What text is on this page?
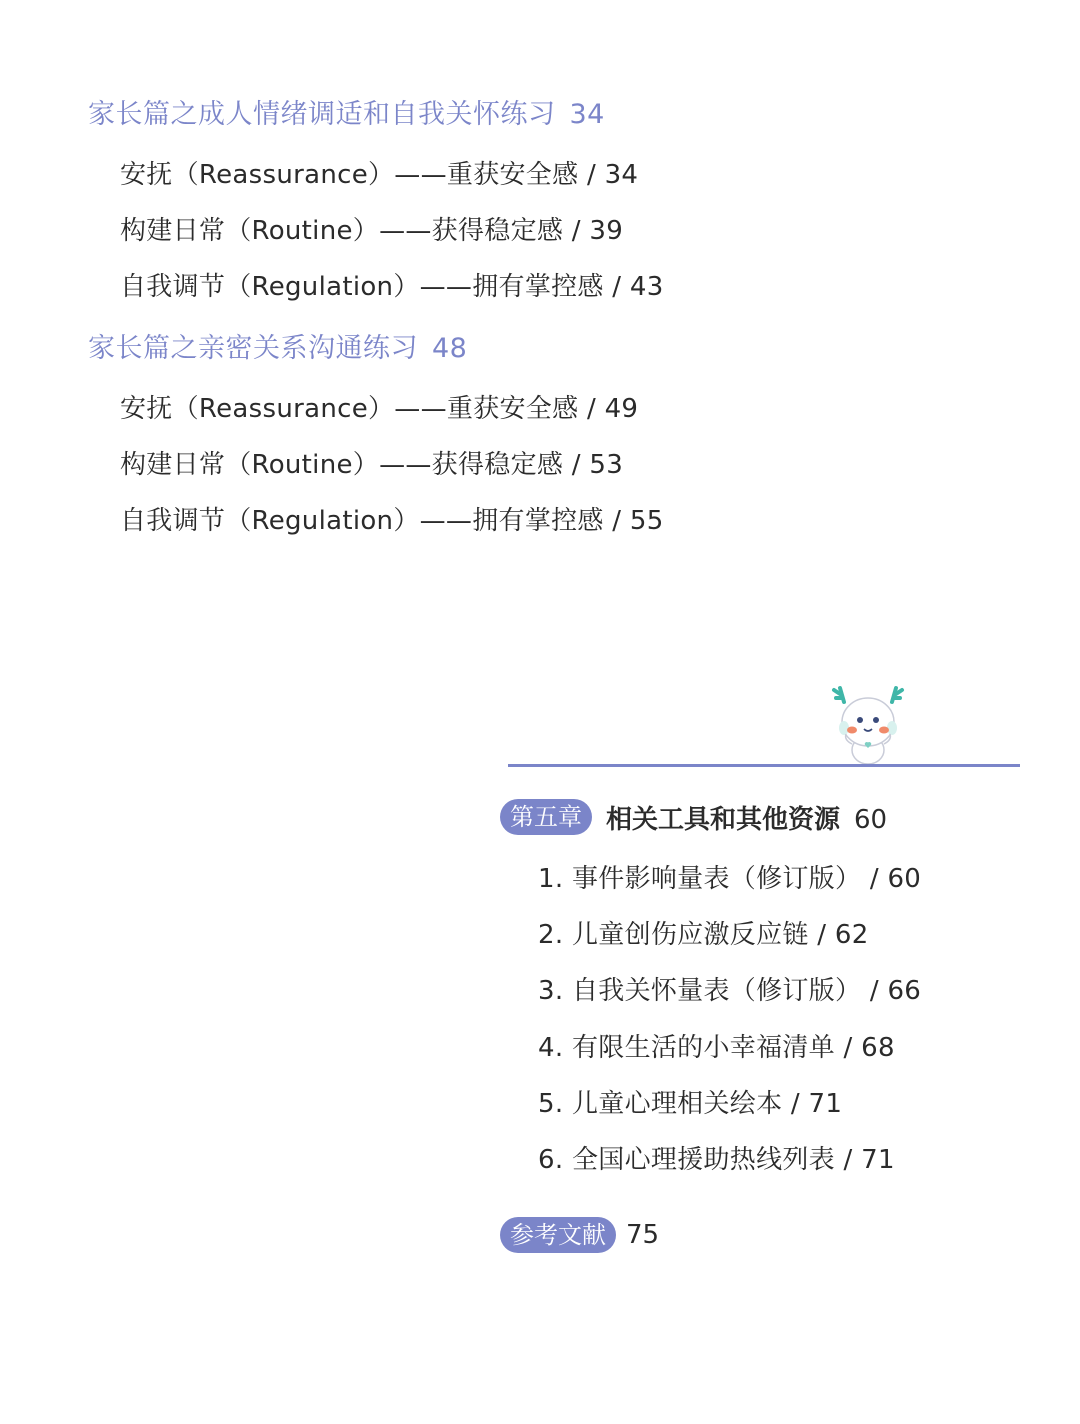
家长篇之成人情绪调适和自我关怀练习 34
安抚（Reassurance）——重获安全感 / 34
构建日常（Routine）——获得稳定感 / 39
自我调节（Regulation）——拥有掌控感 / 43
家长篇之亲密关系沟通练习 48
安抚（Reassurance）——重获安全感 / 49
构建日常（Routine）——获得稳定感 / 53
自我调节（Regulation）——拥有掌控感 / 55
第五章 相关工具和其他资源 60
1. 事件影响量表（修订版） / 60
2. 儿童创伤应激反应链 / 62
3. 自我关怀量表（修订版） / 66
4. 有限生活的小幸福清单 / 68
5. 儿童心理相关绘本 / 71
6. 全国心理援助热线列表 / 71
参考文献 75
